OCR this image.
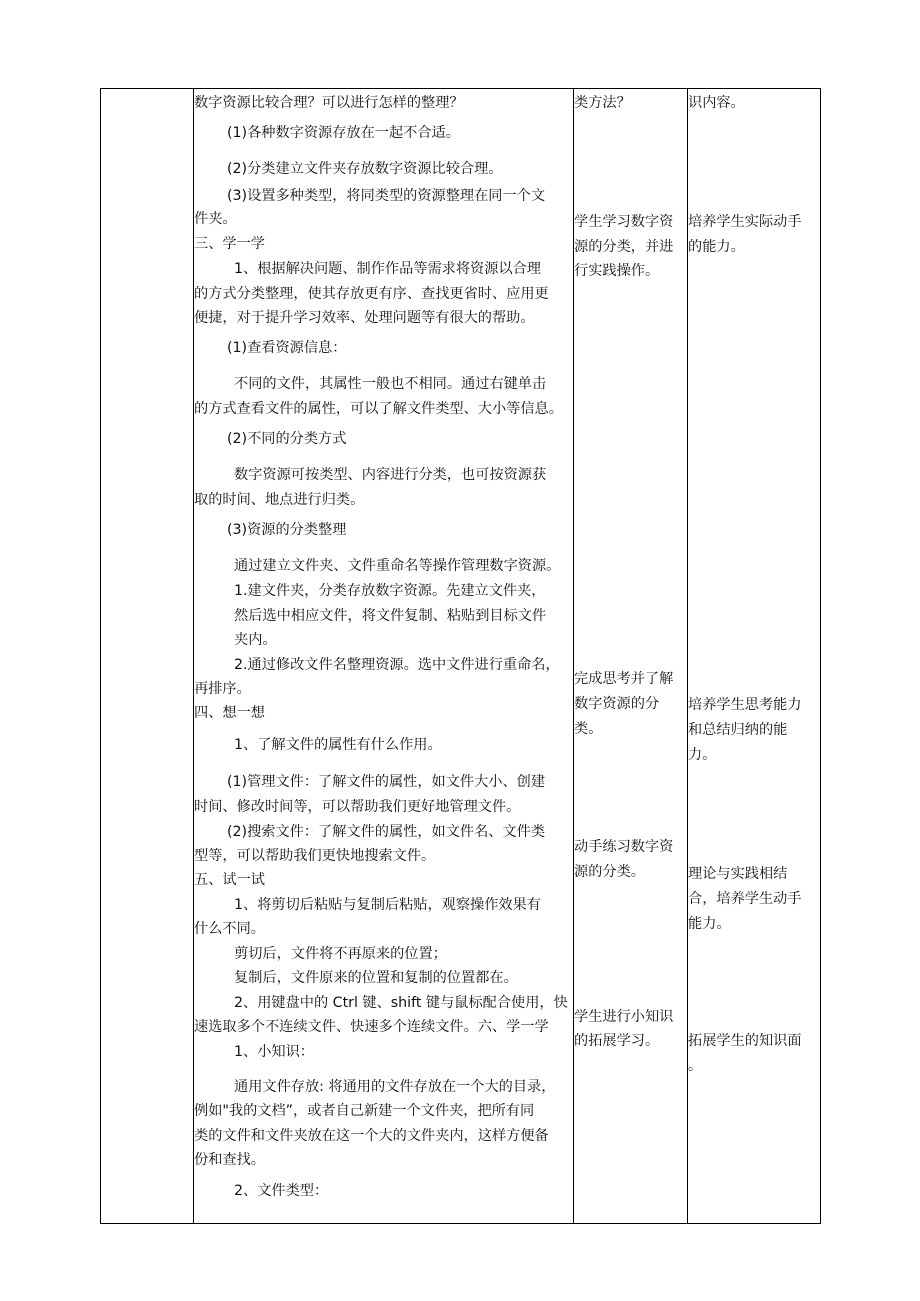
数字资源比较合理？可以进行怎样的整理？
(1)各种数字资源存放在一起不合适。
(2)分类建立文件夹存放数字资源比较合理。
(3)设置多种类型，将同类型的资源整理在同一个文
件夹。
三、学一学
1、根据解决问题、制作作品等需求将资源以合理
的方式分类整理，使其存放更有序、查找更省时、应用更
便捷，对于提升学习效率、处理问题等有很大的帮助。
(1)查看资源信息：
不同的文件，其属性一般也不相同。通过右键单击
的方式查看文件的属性，可以了解文件类型、大小等信息。
(2)不同的分类方式
数字资源可按类型、内容进行分类，也可按资源获
取的时间、地点进行归类。
(3)资源的分类整理
通过建立文件夹、文件重命名等操作管理数字资源。
1.建文件夹，分类存放数字资源。先建立文件夹，
然后选中相应文件，将文件复制、粘贴到目标文件
夹内。
2.通过修改文件名整理资源。选中文件进行重命名，
再排序。
四、想一想
1、了解文件的属性有什么作用。
(1)管理文件：了解文件的属性，如文件大小、创建
时间、修改时间等，可以帮助我们更好地管理文件。
(2)搜索文件：了解文件的属性，如文件名、文件类
型等，可以帮助我们更快地搜索文件。
五、试一试
1、将剪切后粘贴与复制后粘贴，观察操作效果有
什么不同。
剪切后，文件将不再原来的位置；
复制后，文件原来的位置和复制的位置都在。
2、用键盘中的 Ctrl 键、shift 键与鼠标配合使用，快
速选取多个不连续文件、快速多个连续文件。六、学一学
1、小知识：
通用文件存放: 将通用的文件存放在一个大的目录，
例如"我的文档”，或者自己新建一个文件夹，把所有同
类的文件和文件夹放在这一个大的文件夹内，这样方便备
份和查找。
2、文件类型：
类方法？
学生学习数字资
源的分类，并进
行实践操作。
完成思考并了解
数字资源的分
类。
动手练习数字资
源的分类。
学生进行小知识
的拓展学习。
识内容。
培养学生实际动手
的能力。
培养学生思考能力
和总结归纳的能
力。
理论与实践相结
合，培养学生动手
能力。
拓展学生的知识面
。
